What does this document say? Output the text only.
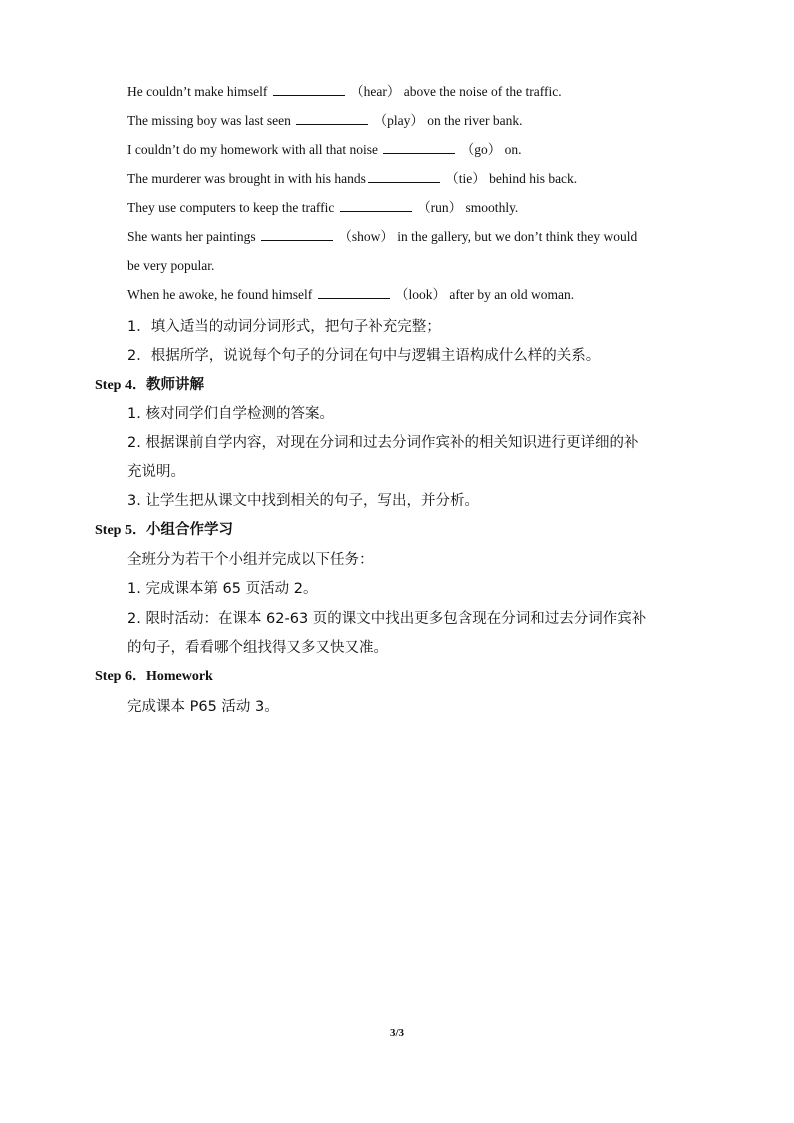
He couldn’t make himself	（hear） above the noise of the traffic.
The missing boy was last seen	（play） on the river bank.
I couldn’t do my homework with all that noise	（go） on.
The murderer was brought in with his hands	（tie） behind his back.
They use computers to keep the traffic	（run） smoothly.
She wants her paintings	（show） in the gallery, but we don’t think they would
be very popular.
When he awoke, he found himself	（look） after by an old woman.
1．填入适当的动词分词形式，把句子补充完整；
2．根据所学，说说每个句子的分词在句中与逻辑主语构成什么样的关系。
Step 4．教师讲解
1. 核对同学们自学检测的答案。
2. 根据课前自学内容，对现在分词和过去分词作宾补的相关知识进行更详细的补
充说明。
3. 让学生把从课文中找到相关的句子，写出，并分析。
Step 5．小组合作学习
全班分为若干个小组并完成以下任务：
1. 完成课本第 65 页活动 2。
2. 限时活动：在课本 62-63 页的课文中找出更多包含现在分词和过去分词作宾补
的句子，看看哪个组找得又多又快又准。
Step 6．Homework
完成课本 P65 活动 3。
3/3
